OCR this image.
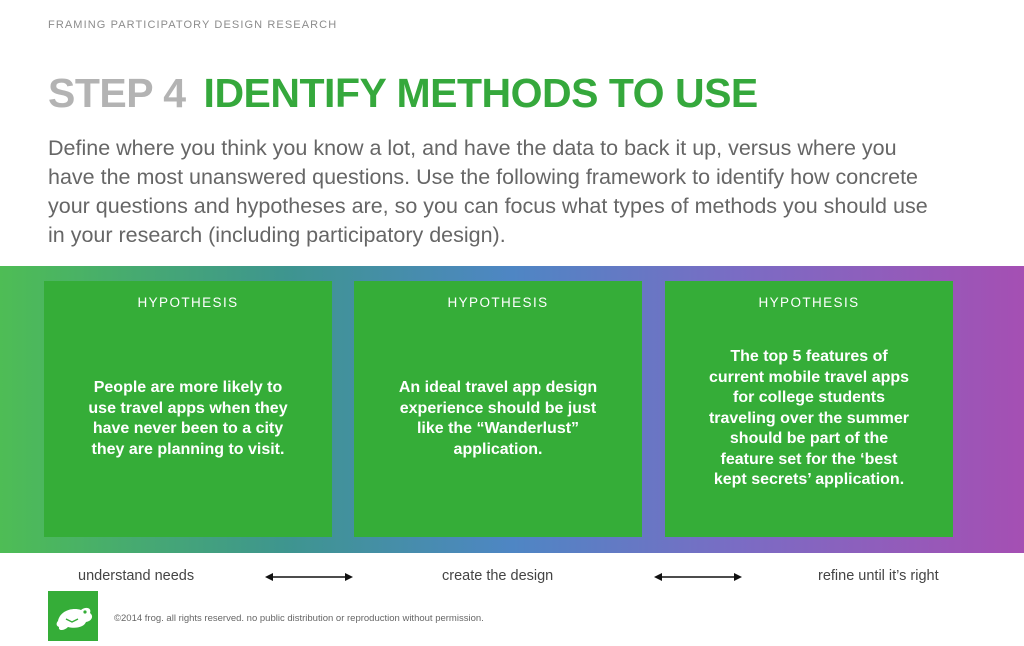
FRAMING PARTICIPATORY DESIGN RESEARCH
STEP 4 IDENTIFY METHODS TO USE
Define where you think you know a lot, and have the data to back it up, versus where you have the most unanswered questions. Use the following framework to identify how concrete your questions and hypotheses are, so you can focus what types of methods you should use in your research (including participatory design).
HYPOTHESIS
People are more likely to use travel apps when they have never been to a city they are planning to visit.
HYPOTHESIS
An ideal travel app design experience should be just like the “Wanderlust” application.
HYPOTHESIS
The top 5 features of current mobile travel apps for college students traveling over the summer should be part of the feature set for the ‘best kept secrets’ application.
understand needs	create the design	refine until it’s right
©2014 frog. all rights reserved. no public distribution or reproduction without permission.
